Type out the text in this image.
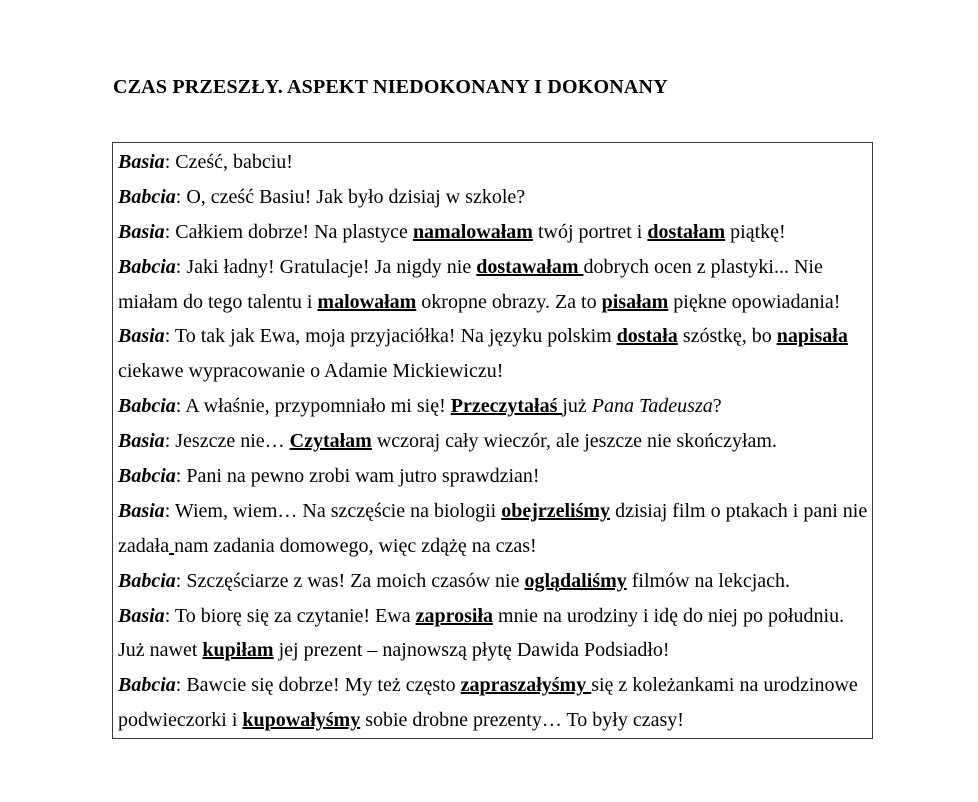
CZAS PRZESZŁY. ASPEKT NIEDOKONANY I DOKONANY
Basia: Cześć, babciu!
Babcia: O, cześć Basiu! Jak było dzisiaj w szkole?
Basia: Całkiem dobrze! Na plastyce namalowałam twój portret i dostałam piątkę!
Babcia: Jaki ładny! Gratulacje! Ja nigdy nie dostawałam dobrych ocen z plastyki... Nie
miałam do tego talentu i malowałam okropne obrazy. Za to pisałam piękne opowiadania!
Basia: To tak jak Ewa, moja przyjaciółka! Na języku polskim dostała szóstkę, bo napisała
ciekawe wypracowanie o Adamie Mickiewiczu!
Babcia: A właśnie, przypomniało mi się! Przeczytałaś już Pana Tadeusza?
Basia: Jeszcze nie… Czytałam wczoraj cały wieczór, ale jeszcze nie skończyłam.
Babcia: Pani na pewno zrobi wam jutro sprawdzian!
Basia: Wiem, wiem… Na szczęście na biologii obejrzeliśmy dzisiaj film o ptakach i pani nie
zadała nam zadania domowego, więc zdążę na czas!
Babcia: Szczęściarze z was! Za moich czasów nie oglądaliśmy filmów na lekcjach.
Basia: To biorę się za czytanie! Ewa zaprosiła mnie na urodziny i idę do niej po południu.
Już nawet kupiłam jej prezent – najnowszą płytę Dawida Podsiadło!
Babcia: Bawcie się dobrze! My też często zapraszałyśmy się z koleżankami na urodzinowe
podwieczorki i kupowałyśmy sobie drobne prezenty… To były czasy!
